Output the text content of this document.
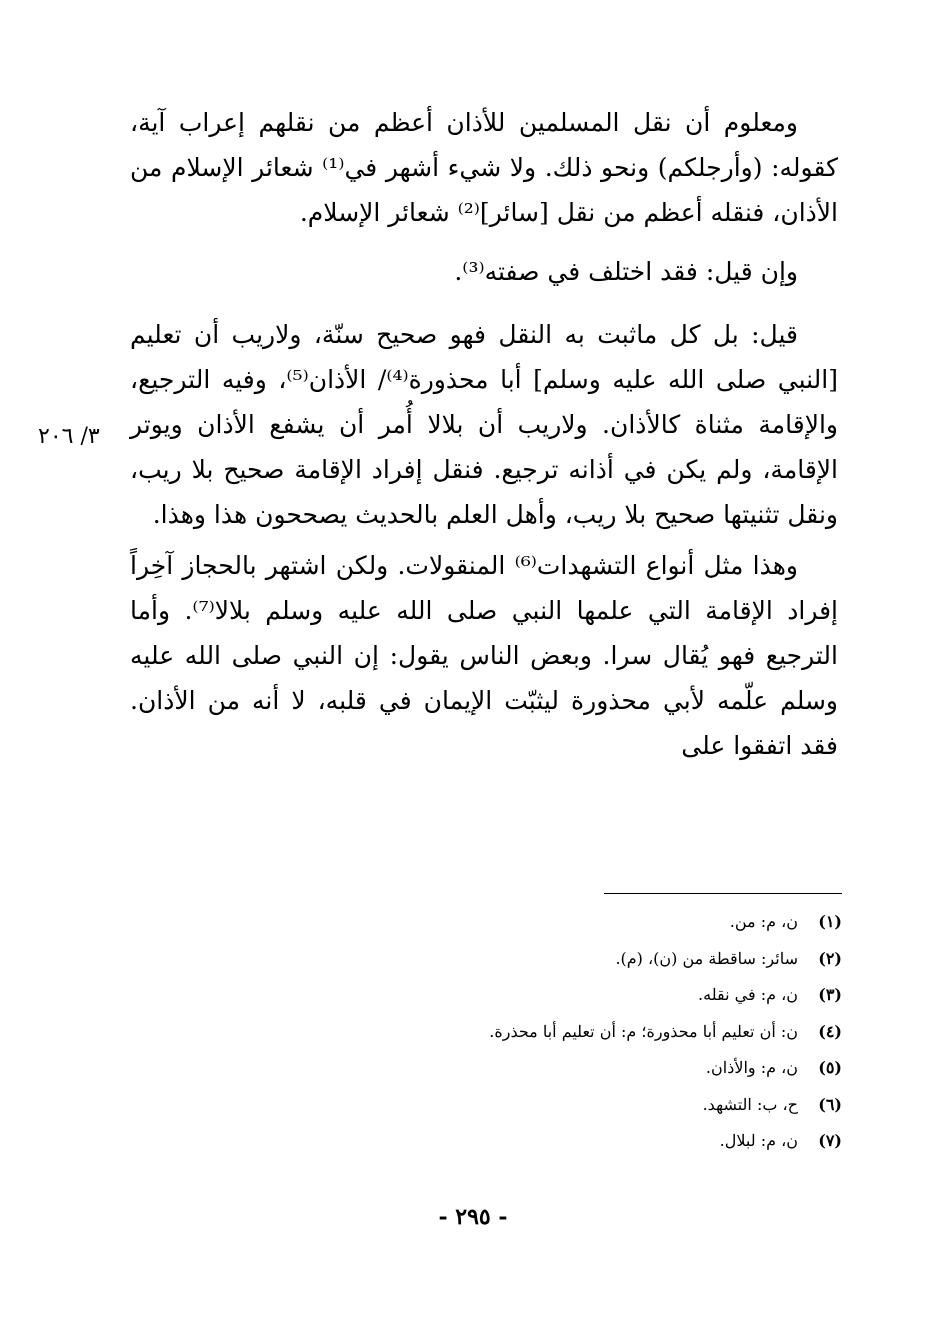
ومعلوم أن نقل المسلمين للأذان أعظم من نقلهم إعراب آية، كقوله: (وأرجلكم) ونحو ذلك. ولا شيء أشهر في⁽¹⁾ شعائر الإسلام من الأذان، فنقله أعظم من نقل [سائر]⁽²⁾ شعائر الإسلام.

وإن قيل: فقد اختلف في صفته⁽³⁾.

قيل: بل كل ماثبت به النقل فهو صحيح سنّة، ولاريب أن تعليم [النبي صلى الله عليه وسلم] أبا محذورة⁽⁴⁾/ الأذان⁽⁵⁾، وفيه الترجيع، والإقامة مثناة كالأذان. ولاريب أن بلالا أُمر أن يشفع الأذان ويوتر الإقامة، ولم يكن في أذانه ترجيع. فنقل إفراد الإقامة صحيح بلا ريب، ونقل تثنيتها صحيح بلا ريب، وأهل العلم بالحديث يصححون هذا وهذا.

وهذا مثل أنواع التشهدات⁽⁶⁾ المنقولات. ولكن اشتهر بالحجاز آخِراً إفراد الإقامة التي علمها النبي صلى الله عليه وسلم بلالا⁽⁷⁾. وأما الترجيع فهو يُقال سرا. وبعض الناس يقول: إن النبي صلى الله عليه وسلم علّمه لأبي محذورة ليثبّت الإيمان في قلبه، لا أنه من الأذان. فقد اتفقوا على

٣/ ٢٠٦
(١)
ن، م: من.
(٢)
سائر: ساقطة من (ن)، (م).
(٣)
ن، م: في نقله.
(٤)
ن: أن تعليم أبا محذورة؛ م: أن تعليم أبا محذرة.
(٥)
ن، م: والأذان.
(٦)
ح، ب: التشهد.
(٧)
ن، م: لبلال.
- ٢٩٥ -
